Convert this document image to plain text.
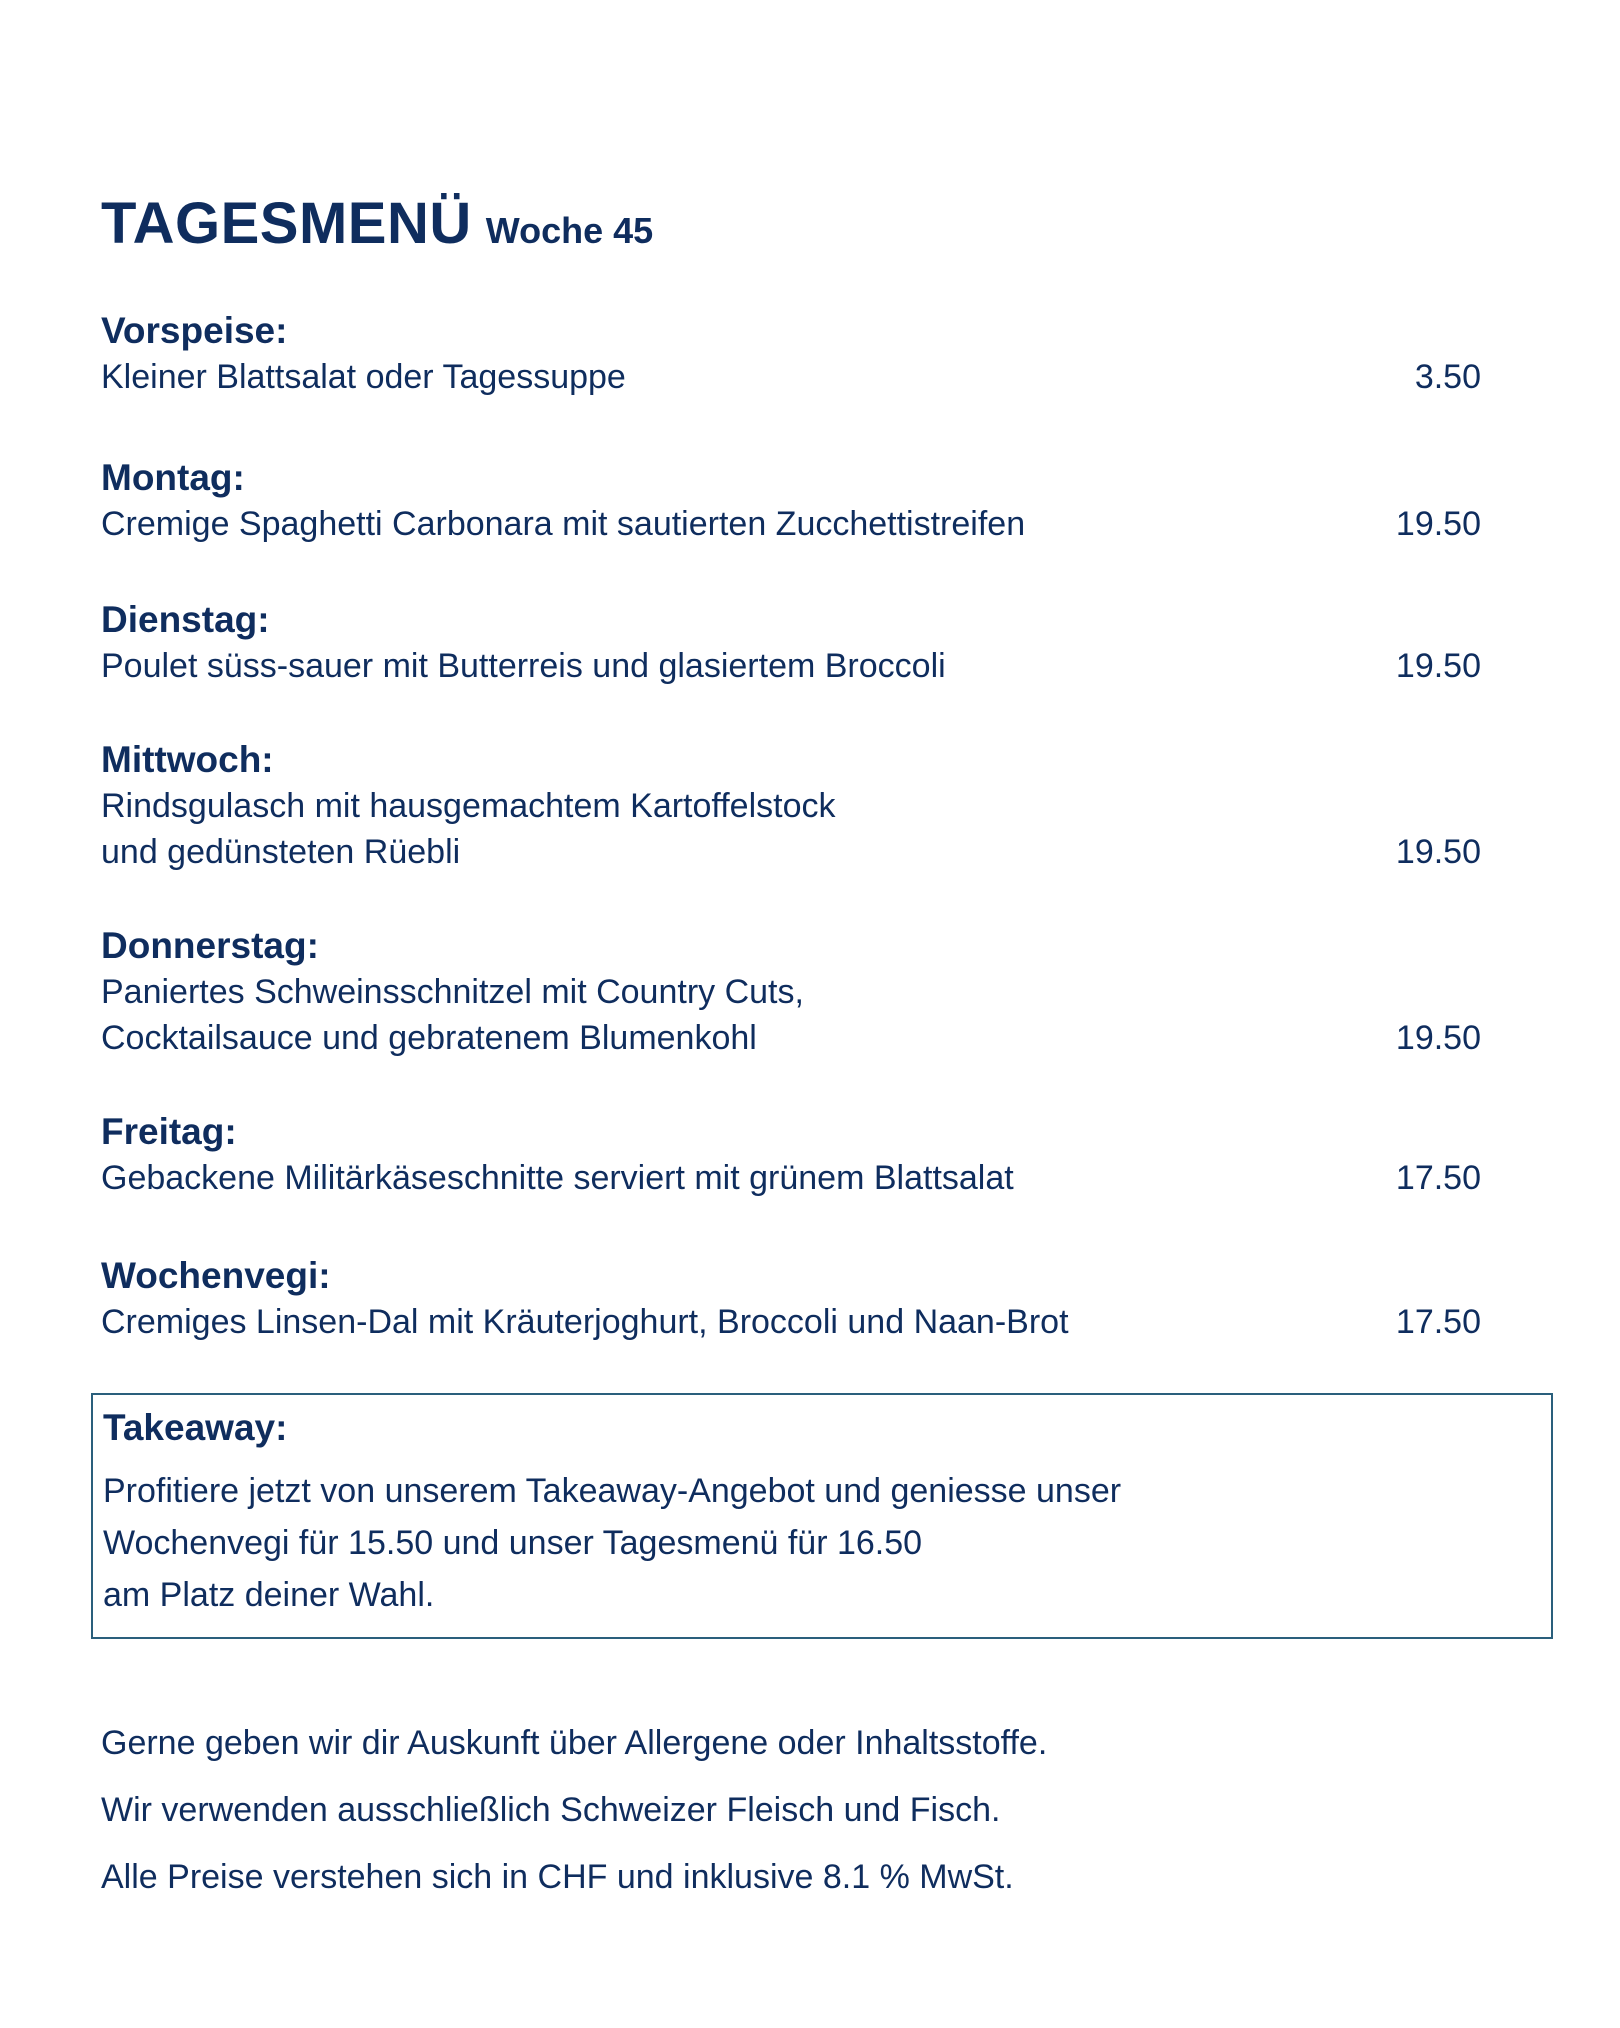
TAGESMENÜ Woche 45
Vorspeise:
Kleiner Blattsalat oder Tagessuppe	3.50
Montag:
Cremige Spaghetti Carbonara mit sautierten Zucchettistreifen	19.50
Dienstag:
Poulet süss-sauer mit Butterreis und glasiertem Broccoli	19.50
Mittwoch:
Rindsgulasch mit hausgemachtem Kartoffelstock
und gedünsteten Rüebli	19.50
Donnerstag:
Paniertes Schweinsschnitzel mit Country Cuts,
Cocktailsauce und gebratenem Blumenkohl	19.50
Freitag:
Gebackene Militärkäseschnitte serviert mit grünem Blattsalat	17.50
Wochenvegi:
Cremiges Linsen-Dal mit Kräuterjoghurt, Broccoli und Naan-Brot	17.50
Takeaway:
Profitiere jetzt von unserem Takeaway-Angebot und geniesse unser
Wochenvegi für 15.50 und unser Tagesmenü für 16.50
am Platz deiner Wahl.
Gerne geben wir dir Auskunft über Allergene oder Inhaltsstoffe.
Wir verwenden ausschließlich Schweizer Fleisch und Fisch.
Alle Preise verstehen sich in CHF und inklusive 8.1 % MwSt.
